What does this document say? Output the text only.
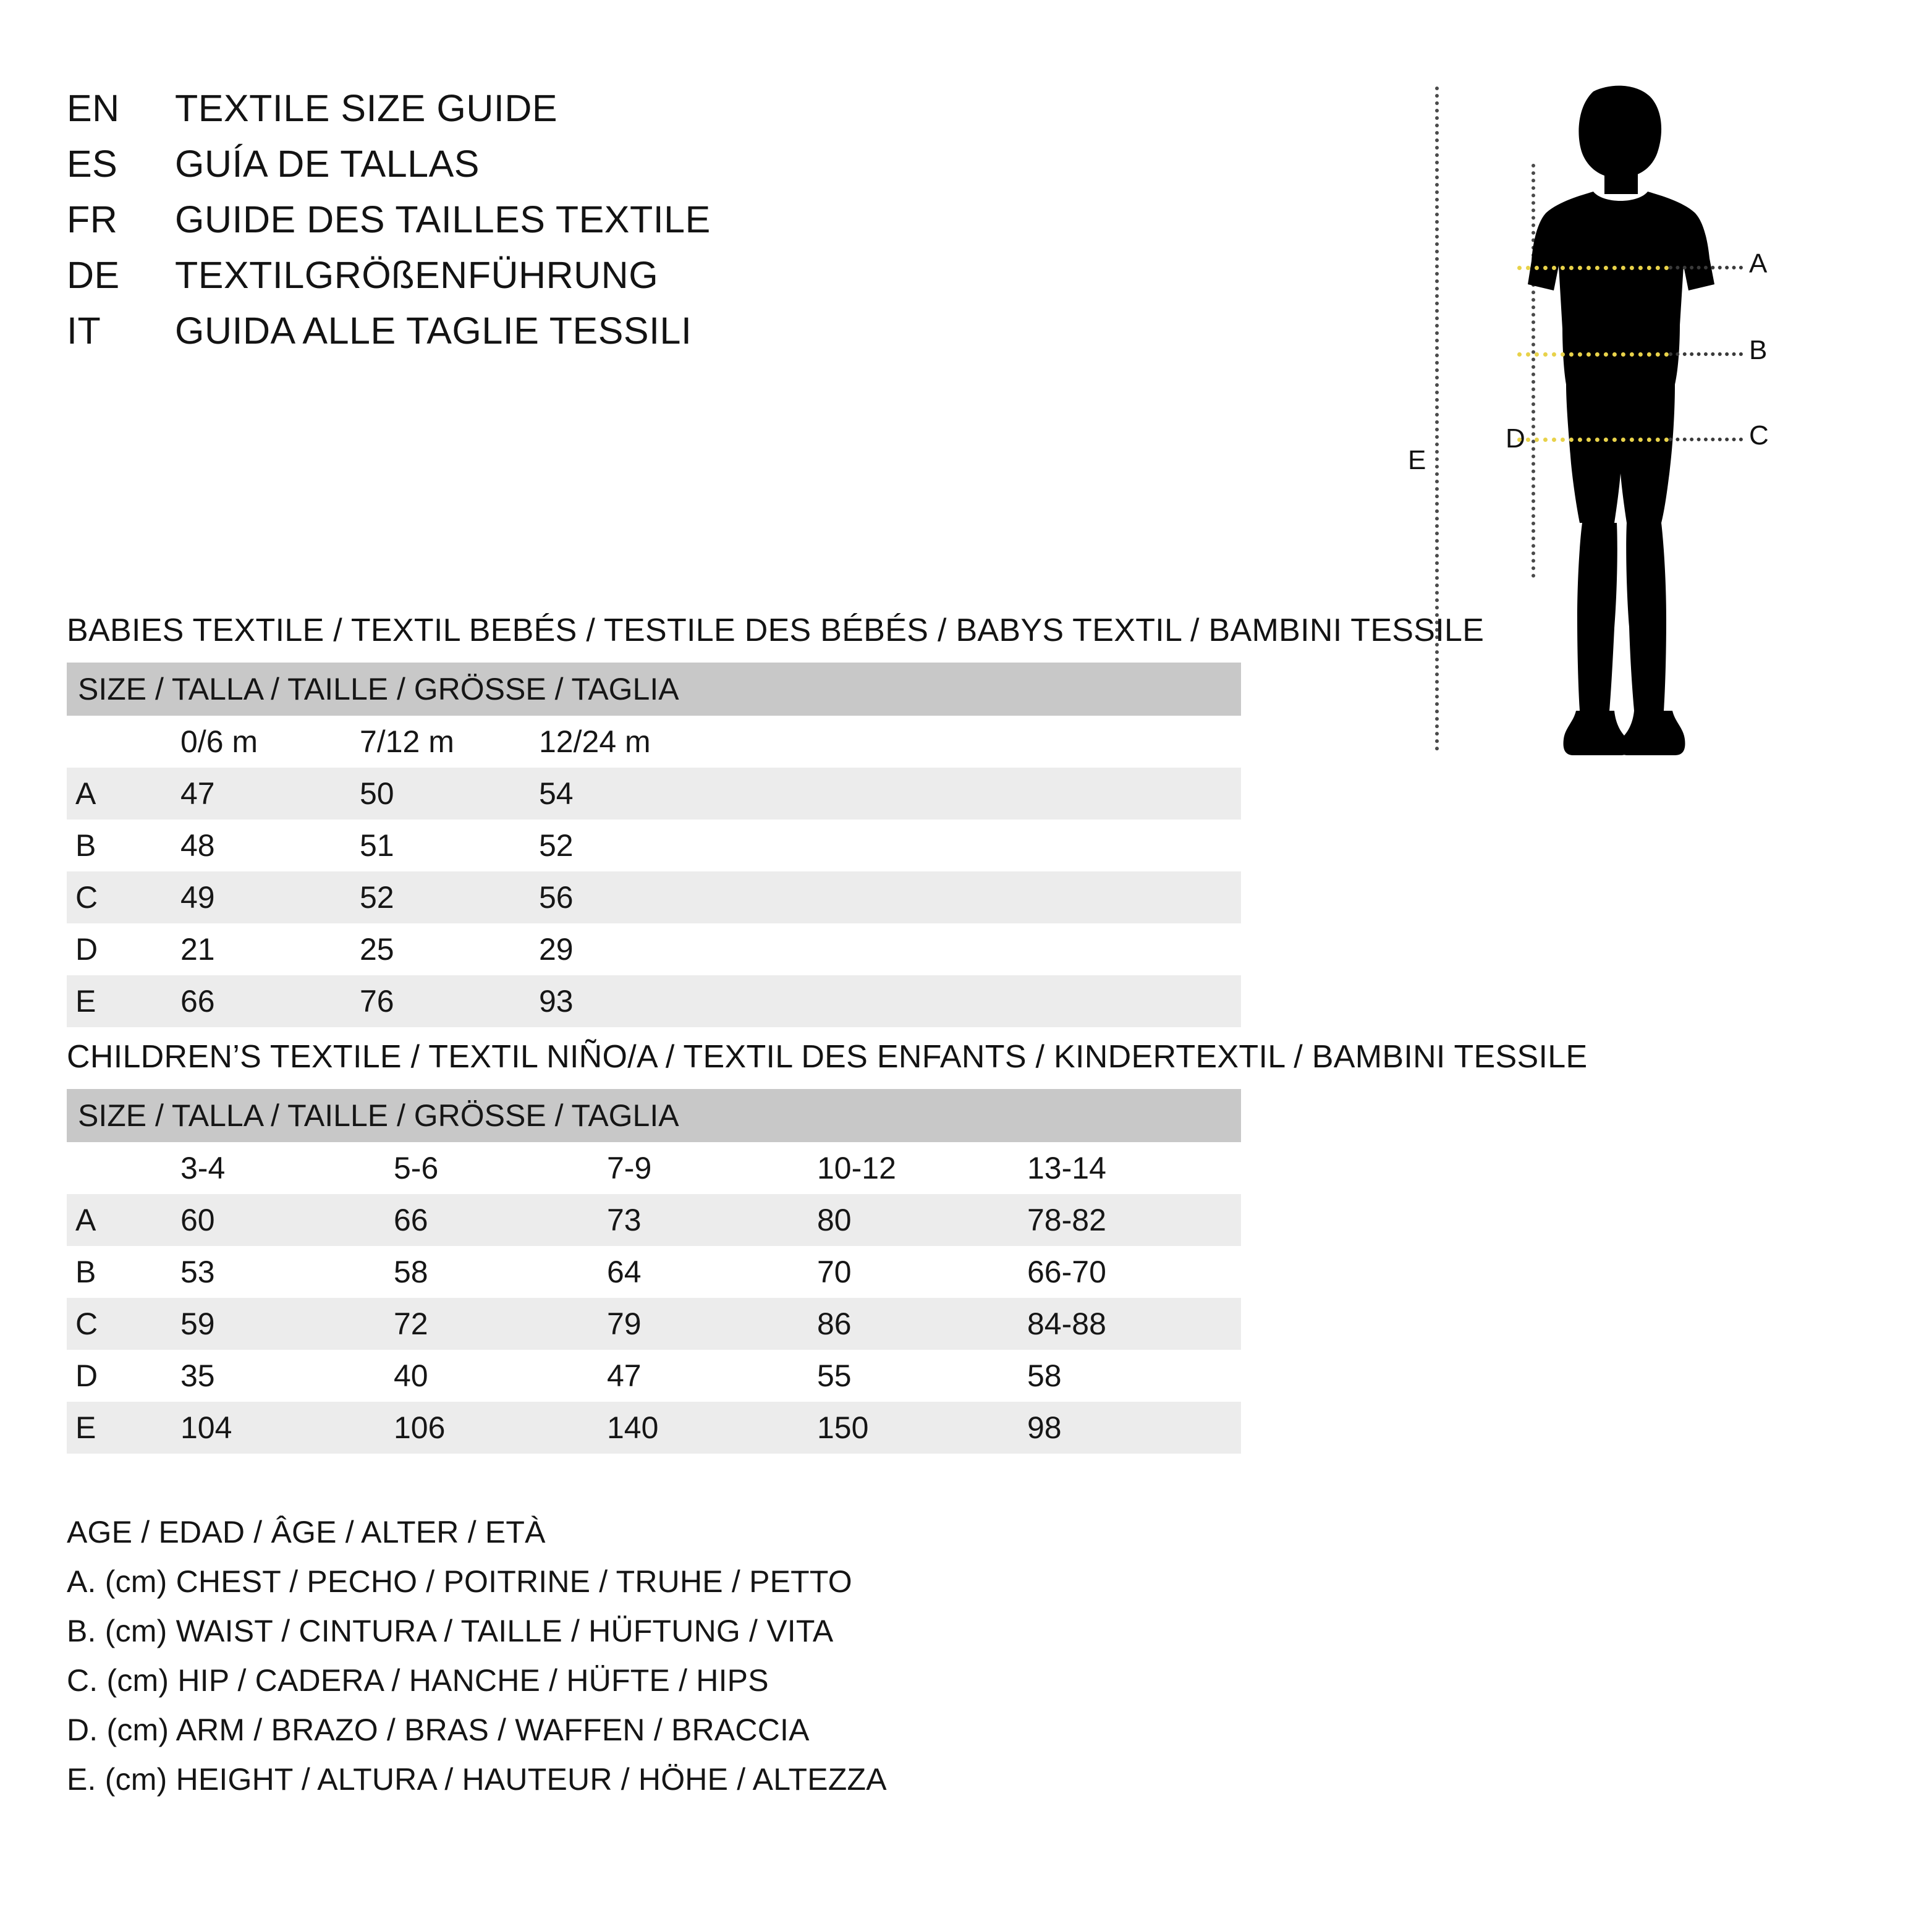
EN	TEXTILE SIZE GUIDE
ES	GUÍA DE TALLAS
FR	GUIDE DES TAILLES TEXTILE
DE	TEXTILGRÖßENFÜHRUNG
IT	GUIDA ALLE TAGLIE TESSILI
A
B
C
D
E
BABIES TEXTILE / TEXTIL BEBÉS / TESTILE DES BÉBÉS / BABYS TEXTIL / BAMBINI TESSILE
SIZE / TALLA / TAILLE / GRÖSSE / TAGLIA				
	0/6 m	7/12 m	12/24 m	
A	47	50	54	
B	48	51	52	
C	49	52	56	
D	21	25	29	
E	66	76	93	
CHILDREN’S TEXTILE / TEXTIL NIÑO/A / TEXTIL DES ENFANTS / KINDERTEXTIL / BAMBINI TESSILE
SIZE / TALLA / TAILLE / GRÖSSE / TAGLIA					
	3-4	5-6	7-9	10-12	13-14
A	60	66	73	80	78-82
B	53	58	64	70	66-70
C	59	72	79	86	84-88
D	35	40	47	55	58
E	104	106	140	150	98
AGE / EDAD / ÂGE / ALTER / ETÀ
A. (cm) CHEST / PECHO / POITRINE / TRUHE / PETTO
B. (cm) WAIST / CINTURA / TAILLE / HÜFTUNG / VITA
C. (cm) HIP / CADERA / HANCHE / HÜFTE / HIPS
D. (cm) ARM / BRAZO / BRAS / WAFFEN / BRACCIA
E. (cm) HEIGHT / ALTURA / HAUTEUR / HÖHE / ALTEZZA
